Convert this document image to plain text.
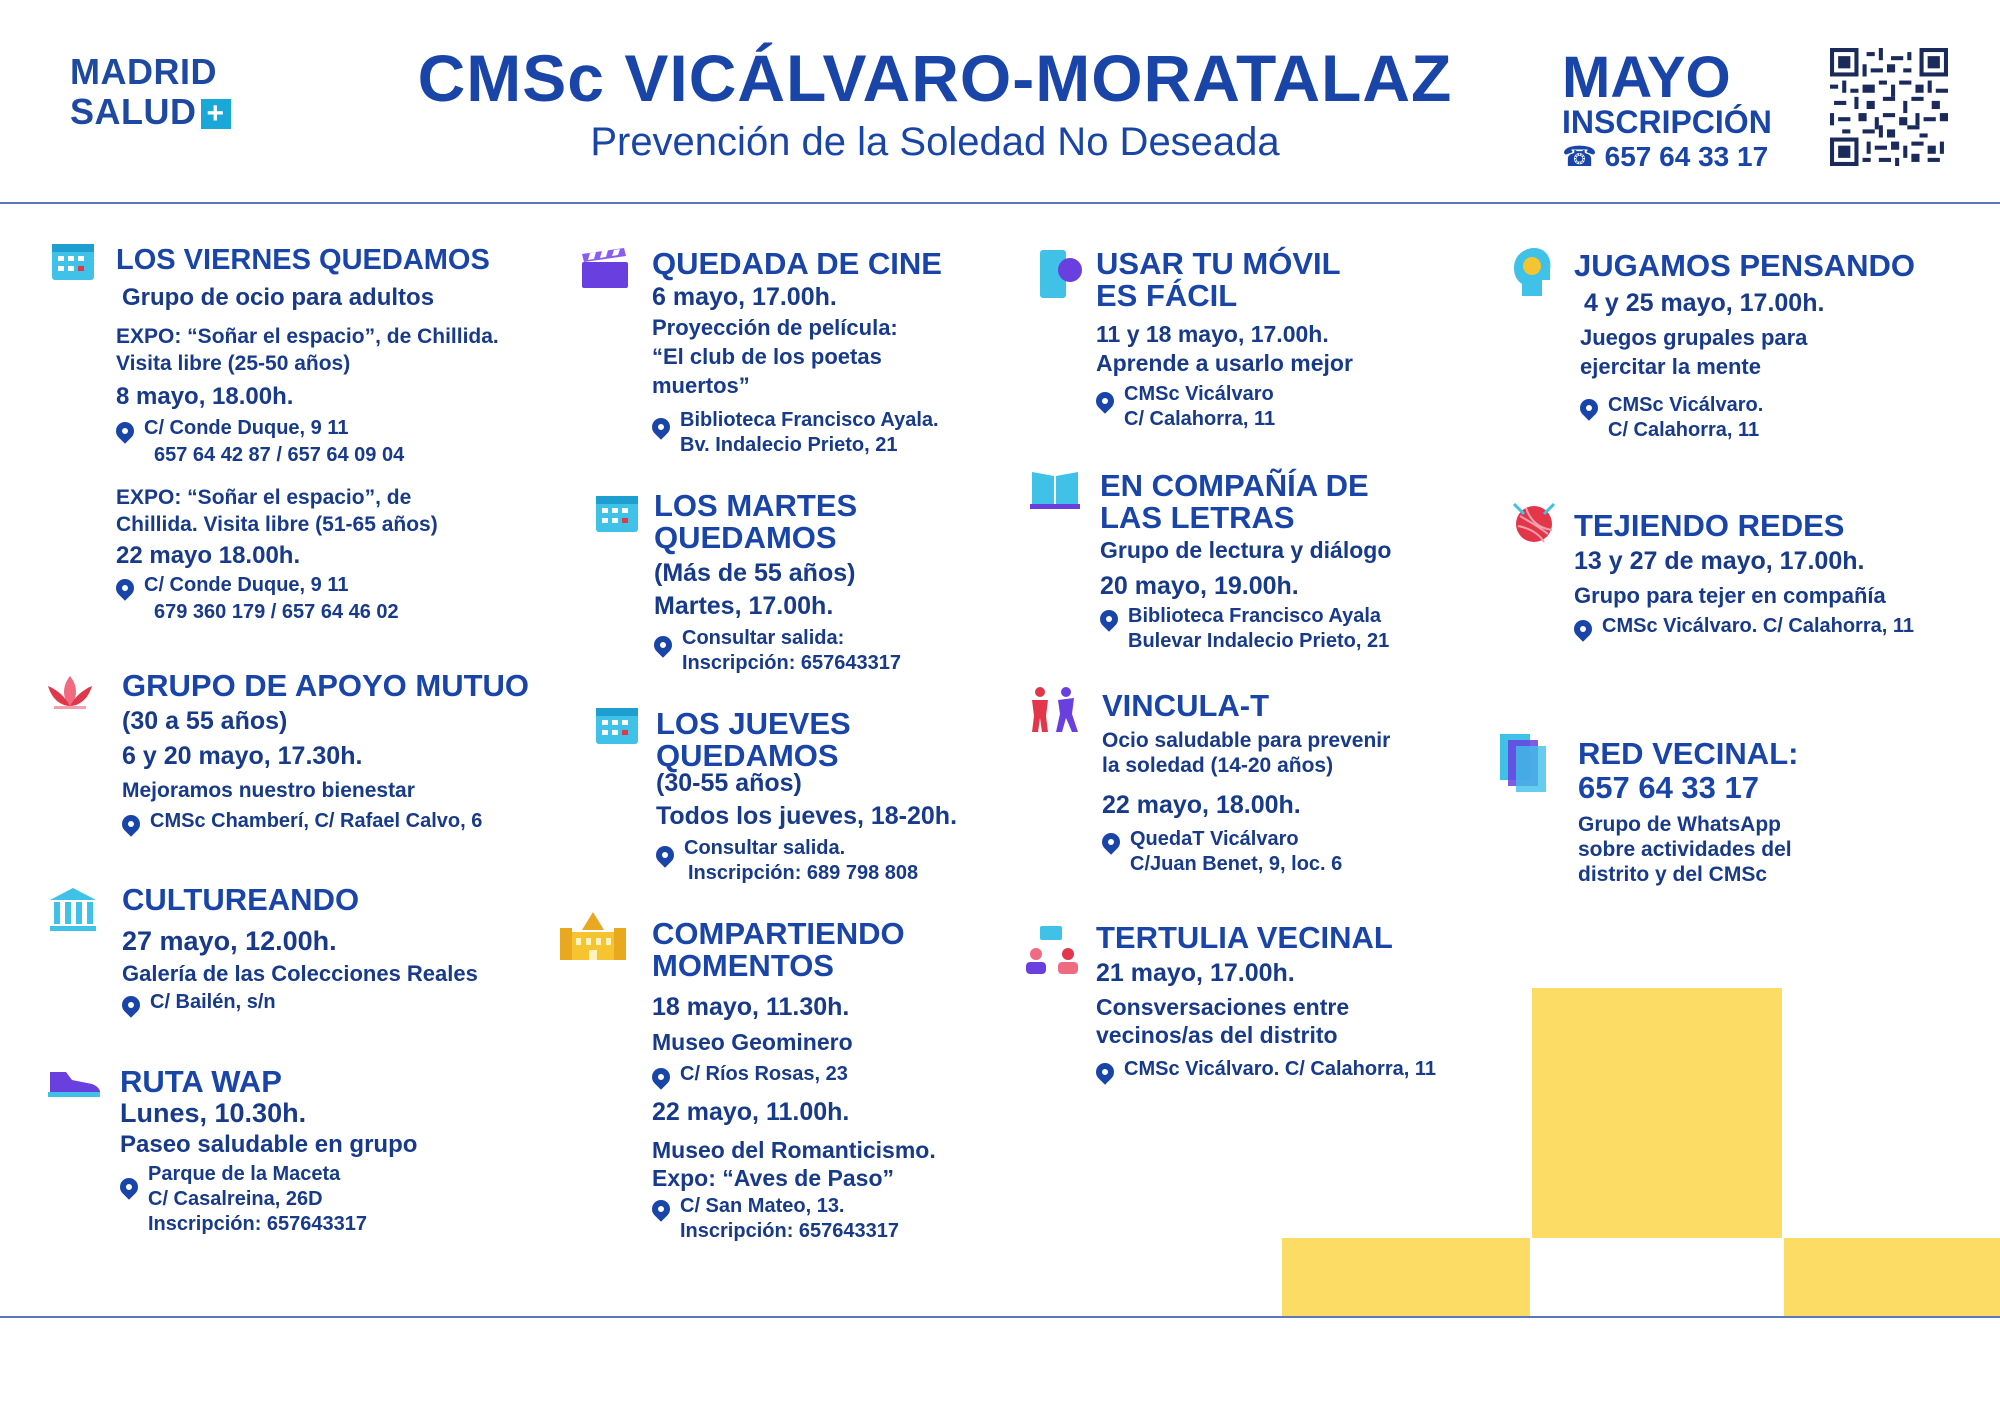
MADRID
SALUD +	CMSc VICÁLVARO-MORATALAZ
Prevención de la Soledad No Deseada
MAYO
INSCRIPCIÓN
☎ 657 64 33 17
LOS VIERNES QUEDAMOS
Grupo de ocio para adultos
EXPO: “Soñar el espacio”, de Chillida.
Visita libre (25-50 años)
8 mayo, 18.00h.
C/ Conde Duque, 9 11
657 64 42 87 / 657 64 09 04
EXPO: “Soñar el espacio”, de
Chillida. Visita libre (51-65 años)
22 mayo 18.00h.
C/ Conde Duque, 9 11
679 360 179 / 657 64 46 02
GRUPO DE APOYO MUTUO
(30 a 55 años)
6 y 20 mayo, 17.30h.
Mejoramos nuestro bienestar
CMSc Chamberí, C/ Rafael Calvo, 6
CULTUREANDO
27 mayo, 12.00h.
Galería de las Colecciones Reales
C/ Bailén, s/n
RUTA WAP
Lunes, 10.30h.
Paseo saludable en grupo
Parque de la Maceta
C/ Casalreina, 26D
Inscripción: 657643317
QUEDADA DE CINE
6 mayo, 17.00h.
Proyección de película:
“El club de los poetas
muertos”
Biblioteca Francisco Ayala.
Bv. Indalecio Prieto, 21
LOS MARTES
QUEDAMOS
(Más de 55 años)
Martes, 17.00h.
Consultar salida:
Inscripción: 657643317
LOS JUEVES
QUEDAMOS
(30-55 años)
Todos los jueves, 18-20h.
Consultar salida.
Inscripción: 689 798 808
COMPARTIENDO
MOMENTOS
18 mayo, 11.30h.
Museo Geominero
C/ Ríos Rosas, 23
22 mayo, 11.00h.
Museo del Romanticismo.
Expo: “Aves de Paso”
C/ San Mateo, 13.
Inscripción: 657643317
USAR TU MÓVIL
ES FÁCIL
11 y 18 mayo, 17.00h.
Aprende a usarlo mejor
CMSc Vicálvaro
C/ Calahorra, 11
EN COMPAÑÍA DE
LAS LETRAS
Grupo de lectura y diálogo
20 mayo, 19.00h.
Biblioteca Francisco Ayala
Bulevar Indalecio Prieto, 21
VINCULA-T
Ocio saludable para prevenir
la soledad (14-20 años)
22 mayo, 18.00h.
QuedaT Vicálvaro
C/Juan Benet, 9, loc. 6
TERTULIA VECINAL
21 mayo, 17.00h.
Consversaciones entre
vecinos/as del distrito
CMSc Vicálvaro. C/ Calahorra, 11
JUGAMOS PENSANDO
4 y 25 mayo, 17.00h.
Juegos grupales para
ejercitar la mente
CMSc Vicálvaro.
C/ Calahorra, 11
TEJIENDO REDES
13 y 27 de mayo, 17.00h.
Grupo para tejer en compañía
CMSc Vicálvaro. C/ Calahorra, 11
RED VECINAL:
657 64 33 17
Grupo de WhatsApp
sobre actividades del
distrito y del CMSc
